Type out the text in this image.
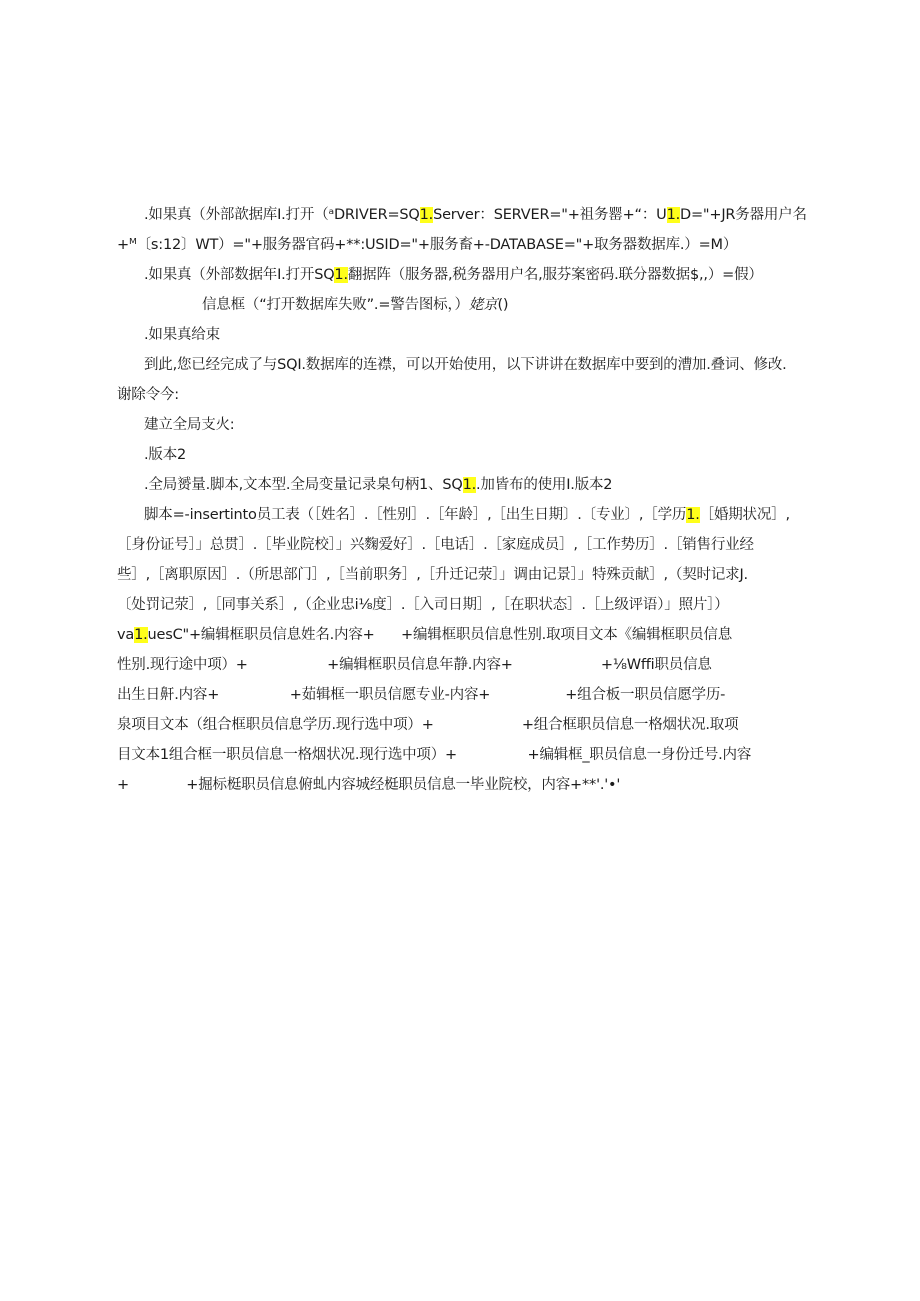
.如果真（外部歆据库I.打开（ᵃDRIVER=SQ1.Server：SERVER="+祖务罂+“：U1.D="+JR务器用户名
+ᴹ〔s:12〕WT）="+服务器官码+**:USID="+服务畜+-DATABASE="+取务器数据库.）=M）
.如果真（外部数据年I.打开SQ1.翻据阵（服务器,税务器用户名,服芬案密码.联分器数据$,,）=假）
信息框（“打开数据库失败”.=警告图标，）姥京()
.如果真给束
到此,您已经完成了与SQI.数据库的连襟，可以开始使用，以下讲讲在数据库中要到的漕加.叠词、修改.
谢除令今:
建立全局支火:
.版本2
.全局赟量.脚本,文本型.全局变量记录臬句柄1、SQ1..加皆布的使用I.版本2
脚本=-insertinto员工表（［姓名］.［性别］.［年龄］,［出生日期〕.〔专业〕,［学历1.［婚期状况］,
［身份证号］」总贯］.［毕业院校］」兴麴爱好］.［电话］.［家庭成员］,［工作势历］.［销售行业经
些］,［离职原因］.（所思部门］,［当前职务］,［升迁记荥］」调由记景］」特殊贡献］,（契时记求J.
〔处罚记荥］,［同事关系］,（企业忠i⅛度］.［入司日期］,［在职状态］.［上级评语）」照片］）
va1.uesC"+编辑框职员信息姓名.内容+      +编辑框职员信息性别.取项目文本《编辑框职员信息
性别.现行途中项）+                  +编辑框职员信息年静.内容+                    +⅛Wffi职员信息
出生日鼾.内容+                +茹辑框一职员信愿专业-内容+                 +组合板一职员信愿学历-
泉项目文本（组合框职员信息学历.现行选中项）+                    +组合框职员信息一格烟状况.取项
目文本1组合框一职员信息一格烟状况.现行选中项）+                +编辑框_职员信息一身份迁号.内容
+             +掘标梃职员信息俯虬内容城经梃职员信息一毕业院校，内容+**'.'•'
